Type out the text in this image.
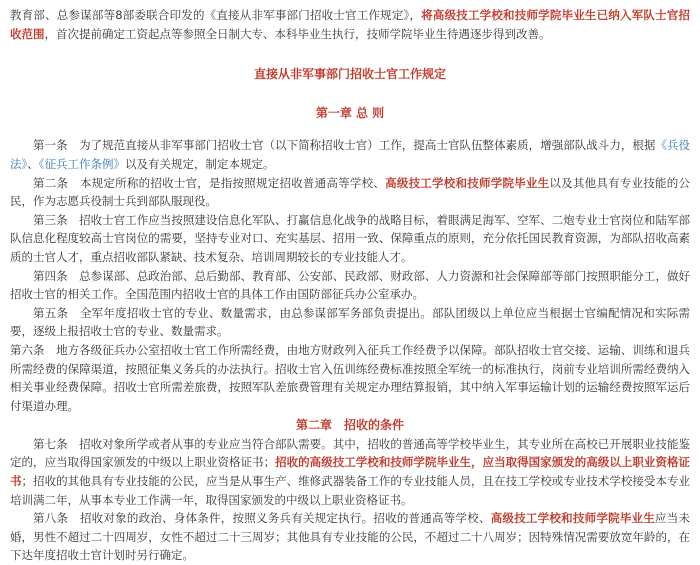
教育部、总参谋部等8部委联合印发的《直接从非军事部门招收士官工作规定》，将高级技工学校和技师学院毕业生已纳入军队士官招收范围，首次提前确定工资起点等参照全日制大专、本科毕业生执行，技师学院毕业生待遇逐步得到改善。

直接从非军事部门招收士官工作规定

第一章 总 则

第一条　为了规范直接从非军事部门招收士官（以下简称招收士官）工作，提高士官队伍整体素质，增强部队战斗力，根据《兵役法》、《征兵工作条例》以及有关规定，制定本规定。

第二条　本规定所称的招收士官，是指按照规定招收普通高等学校、高级技工学校和技师学院毕业生以及其他具有专业技能的公民，作为志愿兵役制士兵到部队服现役。

第三条　招收士官工作应当按照建设信息化军队、打赢信息化战争的战略目标，着眼满足海军、空军、二炮专业士官岗位和陆军部队信息化程度较高士官岗位的需要，坚持专业对口、充实基层、招用一致、保障重点的原则，充分依托国民教育资源，为部队招收高素质的士官人才，重点招收部队紧缺、技术复杂、培训周期较长的专业技能人才。

第四条　总参谋部、总政治部、总后勤部、教育部、公安部、民政部、财政部、人力资源和社会保障部等部门按照职能分工，做好招收士官的相关工作。全国范围内招收士官的具体工作由国防部征兵办公室承办。

第五条　全军年度招收士官的专业、数量需求，由总参谋部军务部负责提出。部队团级以上单位应当根据士官编配情况和实际需要，逐级上报招收士官的专业、数量需求。

第六条　地方各级征兵办公室招收士官工作所需经费，由地方财政列入征兵工作经费予以保障。部队招收士官交接、运输、训练和退兵所需经费的保障渠道，按照征集义务兵的办法执行。招收士官入伍训练经费标准按照全军统一的标准执行，岗前专业培训所需经费纳入相关事业经费保障。招收士官所需差旅费，按照军队差旅费管理有关规定办理结算报销，其中纳入军事运输计划的运输经费按照军运后付渠道办理。

第二章　招收的条件

第七条　招收对象所学或者从事的专业应当符合部队需要。其中，招收的普通高等学校毕业生，其专业所在高校已开展职业技能鉴定的，应当取得国家颁发的中级以上职业资格证书；招收的高级技工学校和技师学院毕业生，应当取得国家颁发的高级以上职业资格证书；招收的其他具有专业技能的公民，应当是从事生产、维修武器装备工作的专业技能人员，且在技工学校或专业技术学校接受本专业培训满二年，从事本专业工作满一年，取得国家颁发的中级以上职业资格证书。

第八条　招收对象的政治、身体条件，按照义务兵有关规定执行。招收的普通高等学校、高级技工学校和技师学院毕业生应当未婚，男性不超过二十四周岁，女性不超过二十三周岁；其他具有专业技能的公民，不超过二十八周岁；因特殊情况需要放宽年龄的，在下达年度招收士官计划时另行确定。
